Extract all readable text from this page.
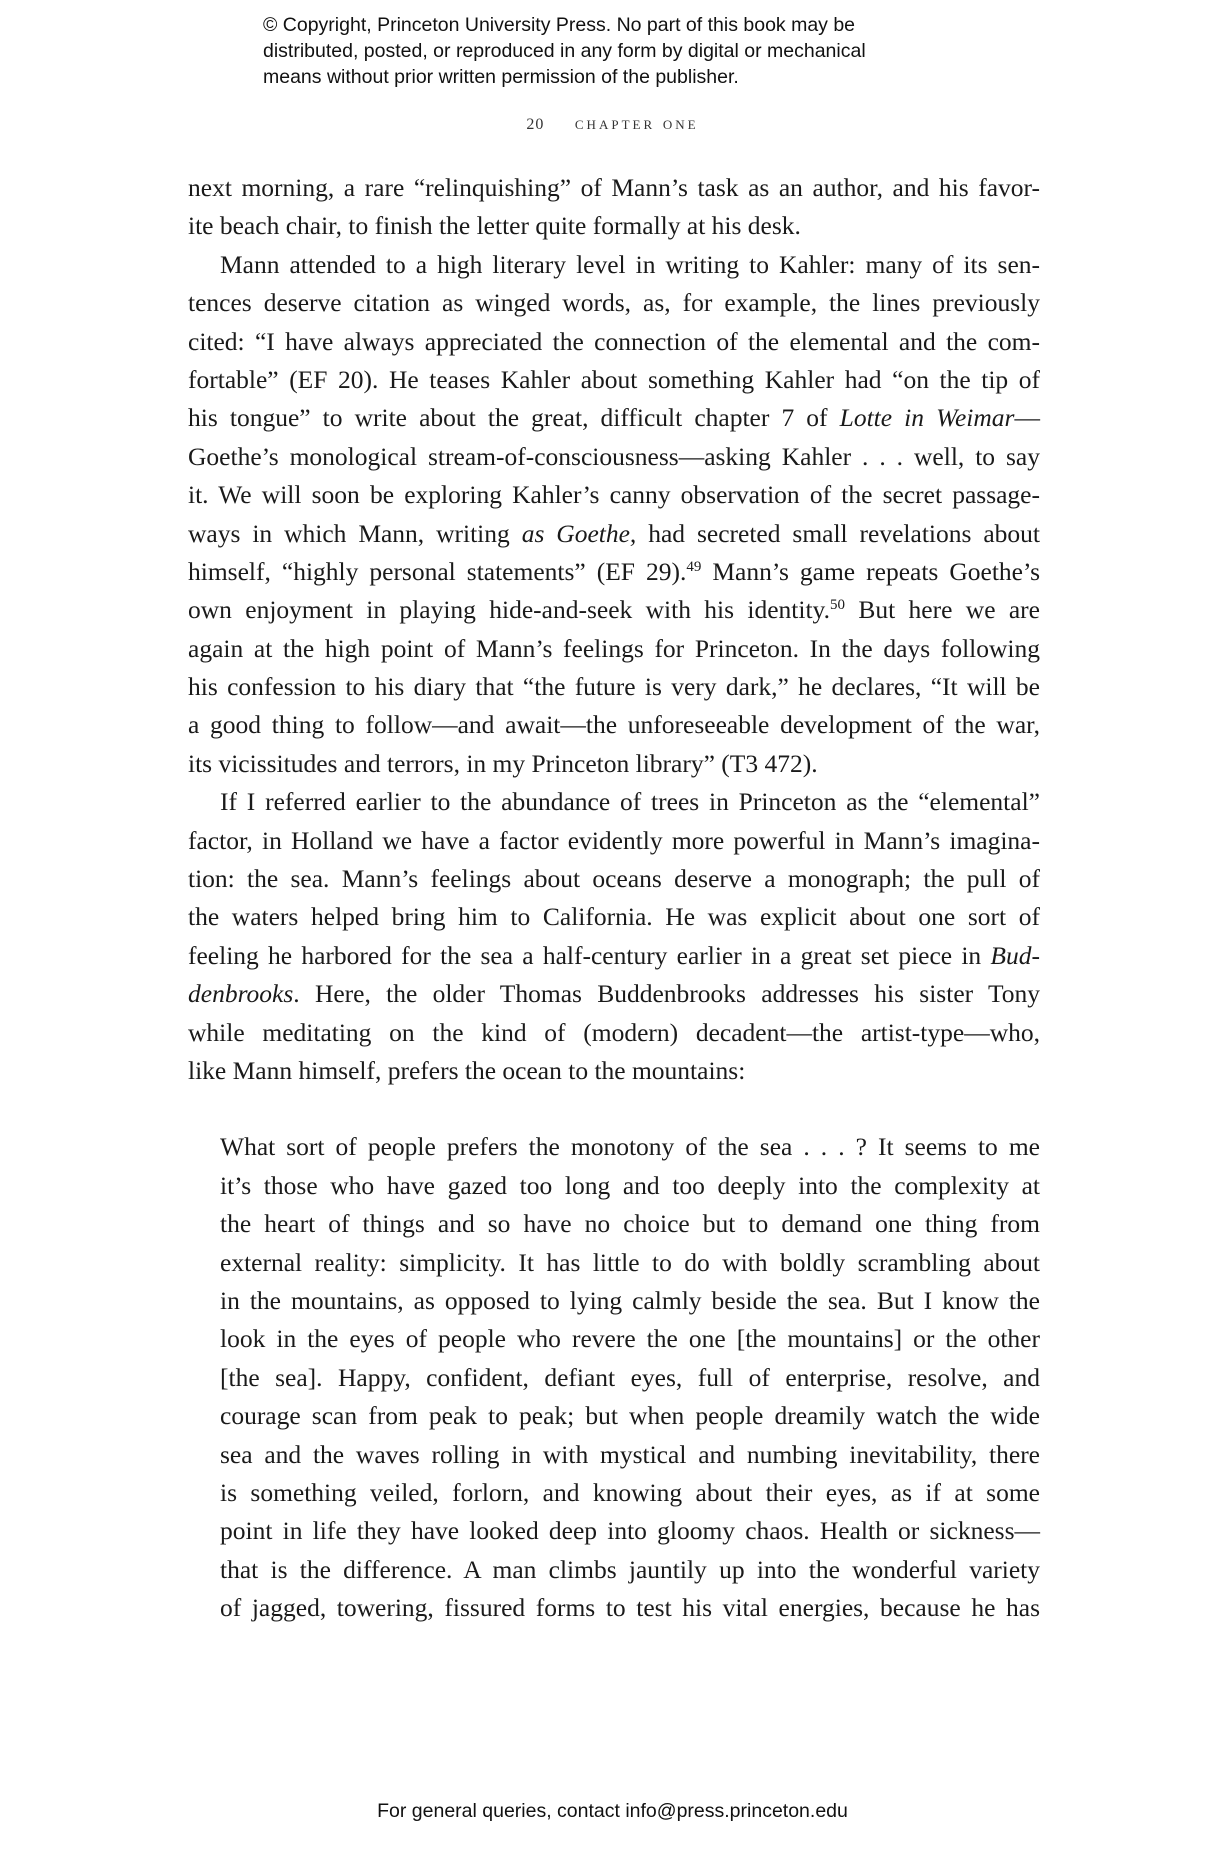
© Copyright, Princeton University Press. No part of this book may be
distributed, posted, or reproduced in any form by digital or mechanical
means without prior written permission of the publisher.
20 chapter one
next morning, a rare “relinquishing” of Mann’s task as an author, and his favor-
ite beach chair, to finish the letter quite formally at his desk.
Mann attended to a high literary level in writing to Kahler: many of its sen-
tences deserve citation as winged words, as, for example, the lines previously
cited: “I have always appreciated the connection of the elemental and the com-
fortable” (EF 20). He teases Kahler about something Kahler had “on the tip of
his tongue” to write about the great, difficult chapter 7 of Lotte in Weimar—
Goethe’s monological stream-of-consciousness—asking Kahler . . . well, to say
it. We will soon be exploring Kahler’s canny observation of the secret passage-
ways in which Mann, writing as Goethe, had secreted small revelations about
himself, “highly personal statements” (EF 29).$^{49}$ Mann’s game repeats Goethe’s
own enjoyment in playing hide-and-seek with his identity.$^{50}$ But here we are
again at the high point of Mann’s feelings for Princeton. In the days following
his confession to his diary that “the future is very dark,” he declares, “It will be
a good thing to follow—and await—the unforeseeable development of the war,
its vicissitudes and terrors, in my Princeton library” (T3 472).
If I referred earlier to the abundance of trees in Princeton as the “elemental”
factor, in Holland we have a factor evidently more powerful in Mann’s imagina-
tion: the sea. Mann’s feelings about oceans deserve a monograph; the pull of
the waters helped bring him to California. He was explicit about one sort of
feeling he harbored for the sea a half-century earlier in a great set piece in Bud-
denbrooks. Here, the older Thomas Buddenbrooks addresses his sister Tony
while meditating on the kind of (modern) decadent—the artist-type—who,
like Mann himself, prefers the ocean to the mountains:
What sort of people prefers the monotony of the sea . . . ? It seems to me
it’s those who have gazed too long and too deeply into the complexity at
the heart of things and so have no choice but to demand one thing from
external reality: simplicity. It has little to do with boldly scrambling about
in the mountains, as opposed to lying calmly beside the sea. But I know the
look in the eyes of people who revere the one [the mountains] or the other
[the sea]. Happy, confident, defiant eyes, full of enterprise, resolve, and
courage scan from peak to peak; but when people dreamily watch the wide
sea and the waves rolling in with mystical and numbing inevitability, there
is something veiled, forlorn, and knowing about their eyes, as if at some
point in life they have looked deep into gloomy chaos. Health or sickness—
that is the difference. A man climbs jauntily up into the wonderful variety
of jagged, towering, fissured forms to test his vital energies, because he has
For general queries, contact info@press.princeton.edu
